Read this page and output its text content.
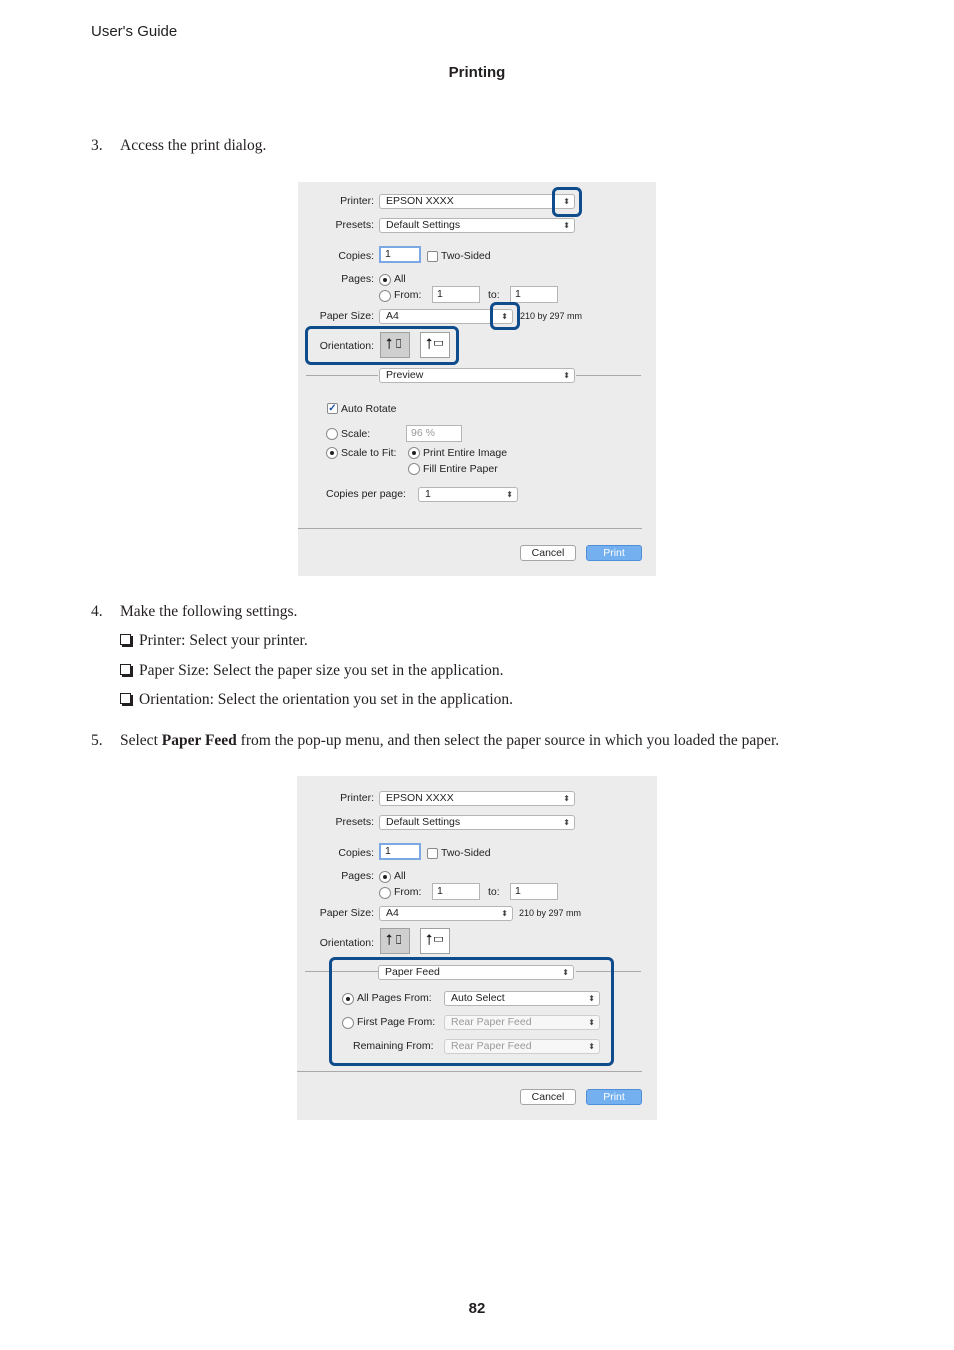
User's Guide
Printing
3. Access the print dialog.
Printer:	EPSON XXXX	⬍
Presets:	Default Settings	⬍
Copies:	1	Two-Sided
Pages: All
From:	1	to:	1
Paper Size:	A4	⬍ 210 by 297 mm
Orientation: ⭡▯	⭡▭
Preview	⬍
✓ Auto Rotate
Scale:	96 %
Scale to Fit:	Print Entire Image
Fill Entire Paper
Copies per page:	1	⬍
Cancel	Print
4. Make the following settings.
Printer: Select your printer.
Paper Size: Select the paper size you set in the application.
Orientation: Select the orientation you set in the application.
5. Select Paper Feed from the pop-up menu, and then select the paper source in which you loaded the paper.
Printer:	EPSON XXXX	⬍
Presets:	Default Settings	⬍
Copies:	1	Two-Sided
Pages: All
From:	1	to:	1
Paper Size:	A4	⬍ 210 by 297 mm
Orientation: ⭡▯	⭡▭
Paper Feed	⬍
All Pages From:	Auto Select	⬍
First Page From:	Rear Paper Feed	⬍
Remaining From:	Rear Paper Feed	⬍
Cancel	Print
82
